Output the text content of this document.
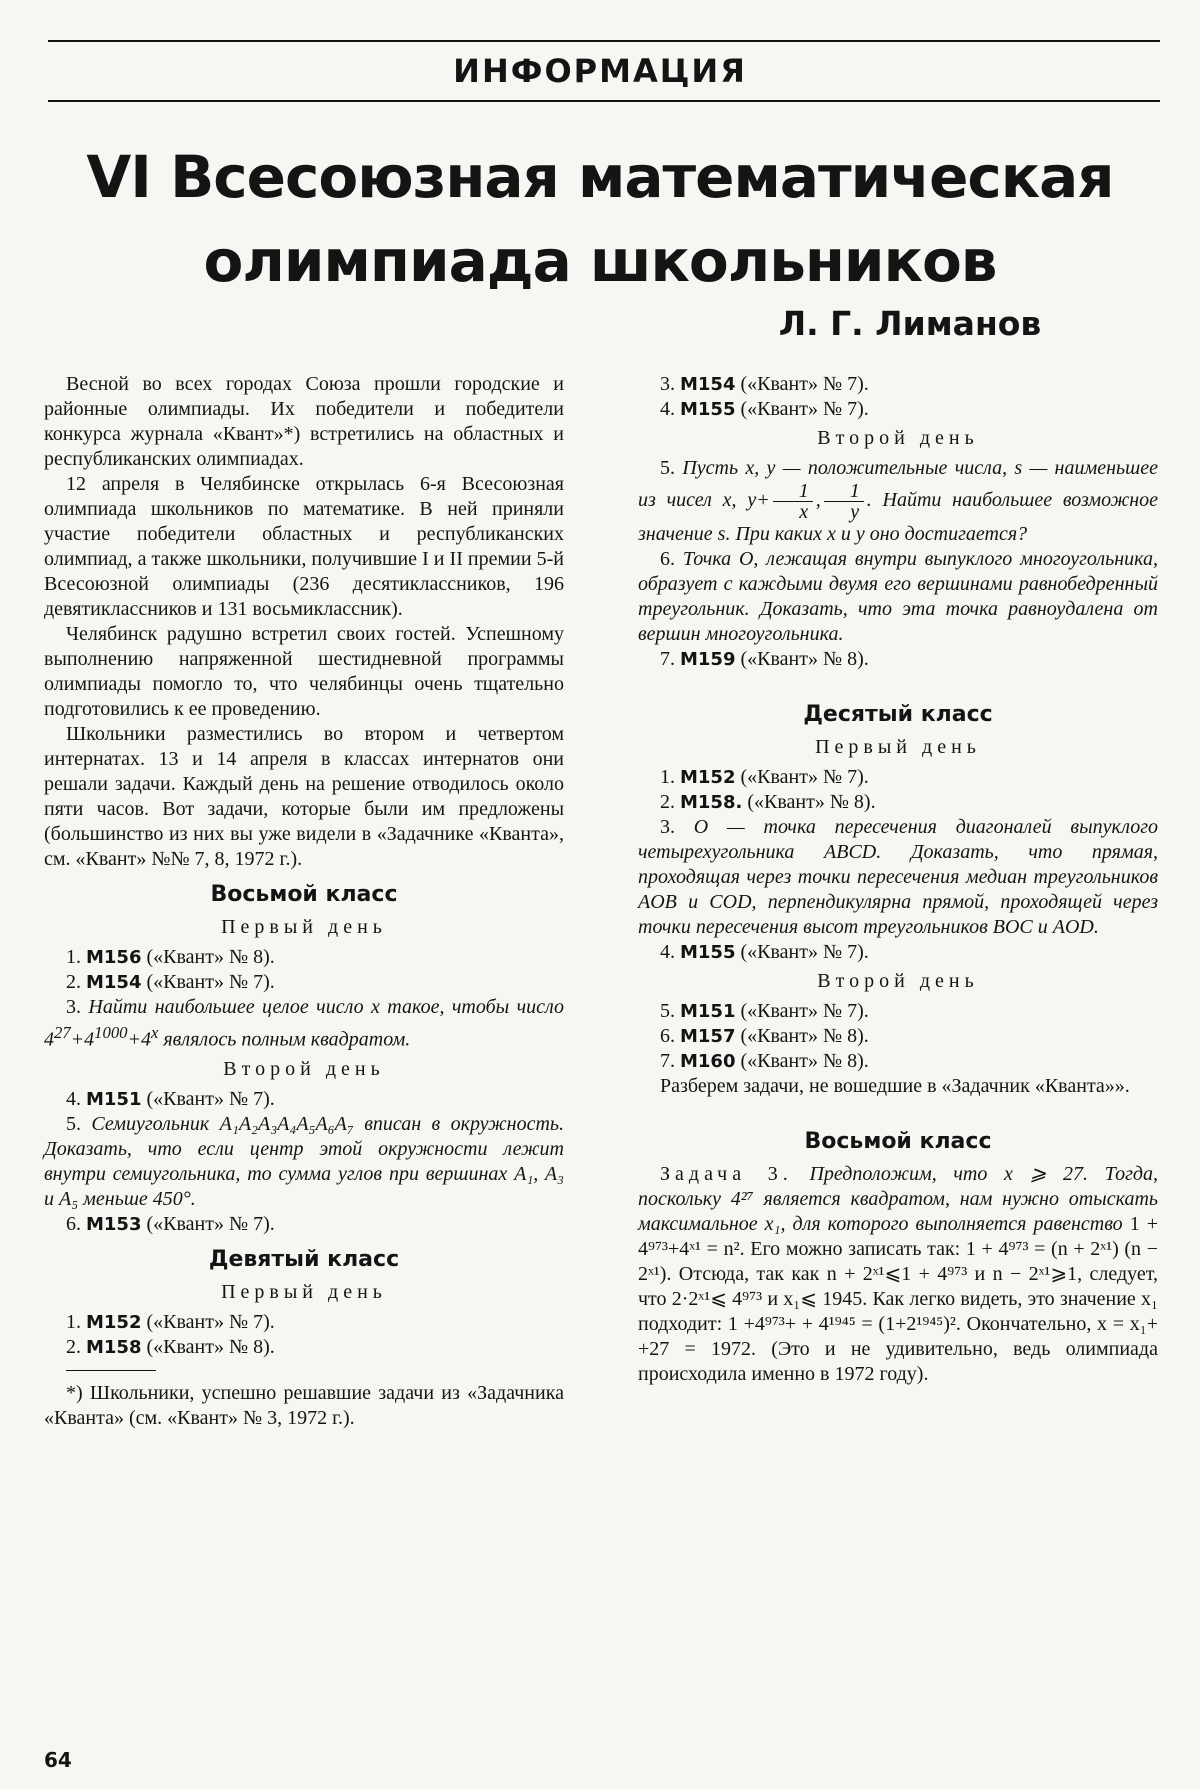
ИНФОРМАЦИЯ
VI Всесоюзная математическая
олимпиада школьников
Л. Г. Лиманов

Весной во всех городах Союза прошли городские и районные олимпиады. Их победители и победители конкурса журнала «Квант»*) встретились на областных и республиканских олимпиадах.

12 апреля в Челябинске открылась 6-я Всесоюзная олимпиада школьников по математике. В ней приняли участие победители областных и республиканских олимпиад, а также школьники, получившие I и II премии 5-й Всесоюзной олимпиады (236 десятиклассников, 196 девятиклассников и 131 восьмиклассник).

Челябинск радушно встретил своих гостей. Успешному выполнению напряженной шестидневной программы олимпиады помогло то, что челябинцы очень тщательно подготовились к ее проведению.

Школьники разместились во втором и четвертом интернатах. 13 и 14 апреля в классах интернатов они решали задачи. Каждый день на решение отводилось около пяти часов. Вот задачи, которые были им предложены (большинство из них вы уже видели в «Задачнике «Кванта», см. «Квант» №№ 7, 8, 1972 г.).

Восьмой класс
Первый день

1. M156 («Квант» № 8).

2. M154 («Квант» № 7).

3. Найти наибольшее целое число x такое, чтобы число $4^{27}+4^{1000}+4^x$ являлось полным квадратом.

Второй день

4. M151 («Квант» № 7).

5. Семиугольник A₁A₂A₃A₄A₅A₆A₇ вписан в окружность. Доказать, что если центр этой окружности лежит внутри семиугольника, то сумма углов при вершинах A₁, A₃ и A₅ меньше 450°.

6. M153 («Квант» № 7).

Девятый класс
Первый день

1. M152 («Квант» № 7).

2. M158 («Квант» № 8).

*) Школьники, успешно решавшие задачи из «Задачника «Кванта» (см. «Квант» № 3, 1972 г.).

3. M154 («Квант» № 7).

4. M155 («Квант» № 7).

Второй день

5. Пусть x, y — положительные числа, s — наименьшее из чисел x, $y+ \frac{1}{x}$ , $\frac{1}{y}$ . Найти наибольшее возможное значение s. При каких x и y оно достигается?

6. Точка O, лежащая внутри выпуклого многоугольника, образует с каждыми двумя его вершинами равнобедренный треугольник. Доказать, что эта точка равноудалена от вершин многоугольника.

7. M159 («Квант» № 8).

Десятый класс
Первый день

1. M152 («Квант» № 7).

2. M158. («Квант» № 8).

3. O — точка пересечения диагоналей выпуклого четырехугольника ABCD. Доказать, что прямая, проходящая через точки пересечения медиан треугольников AOB и COD, перпендикулярна прямой, проходящей через точки пересечения высот треугольников BOC и AOD.

4. M155 («Квант» № 7).

Второй день

5. M151 («Квант» № 7).

6. M157 («Квант» № 8).

7. M160 («Квант» № 8).

Разберем задачи, не вошедшие в «Задачник «Кванта»».

Восьмой класс

Задача 3. Предположим, что x ⩾ 27. Тогда, поскольку 4²⁷ является квадратом, нам нужно отыскать максимальное x₁, для которого выполняется равенство 1 + 4⁹⁷³+4ˣ¹ = n². Его можно записать так: 1 + 4⁹⁷³ = (n + 2ˣ¹) (n − 2ˣ¹). Отсюда, так как n + 2ˣ¹⩽1 + 4⁹⁷³ и n − 2ˣ¹⩾1, следует, что 2·2ˣ¹⩽ 4⁹⁷³ и x₁⩽ 1945. Как легко видеть, это значение x₁ подходит: 1 +4⁹⁷³+ + 4¹⁹⁴⁵ = (1+2¹⁹⁴⁵)². Окончательно, x = x₁+ +27 = 1972. (Это и не удивительно, ведь олимпиада происходила именно в 1972 году).

64
